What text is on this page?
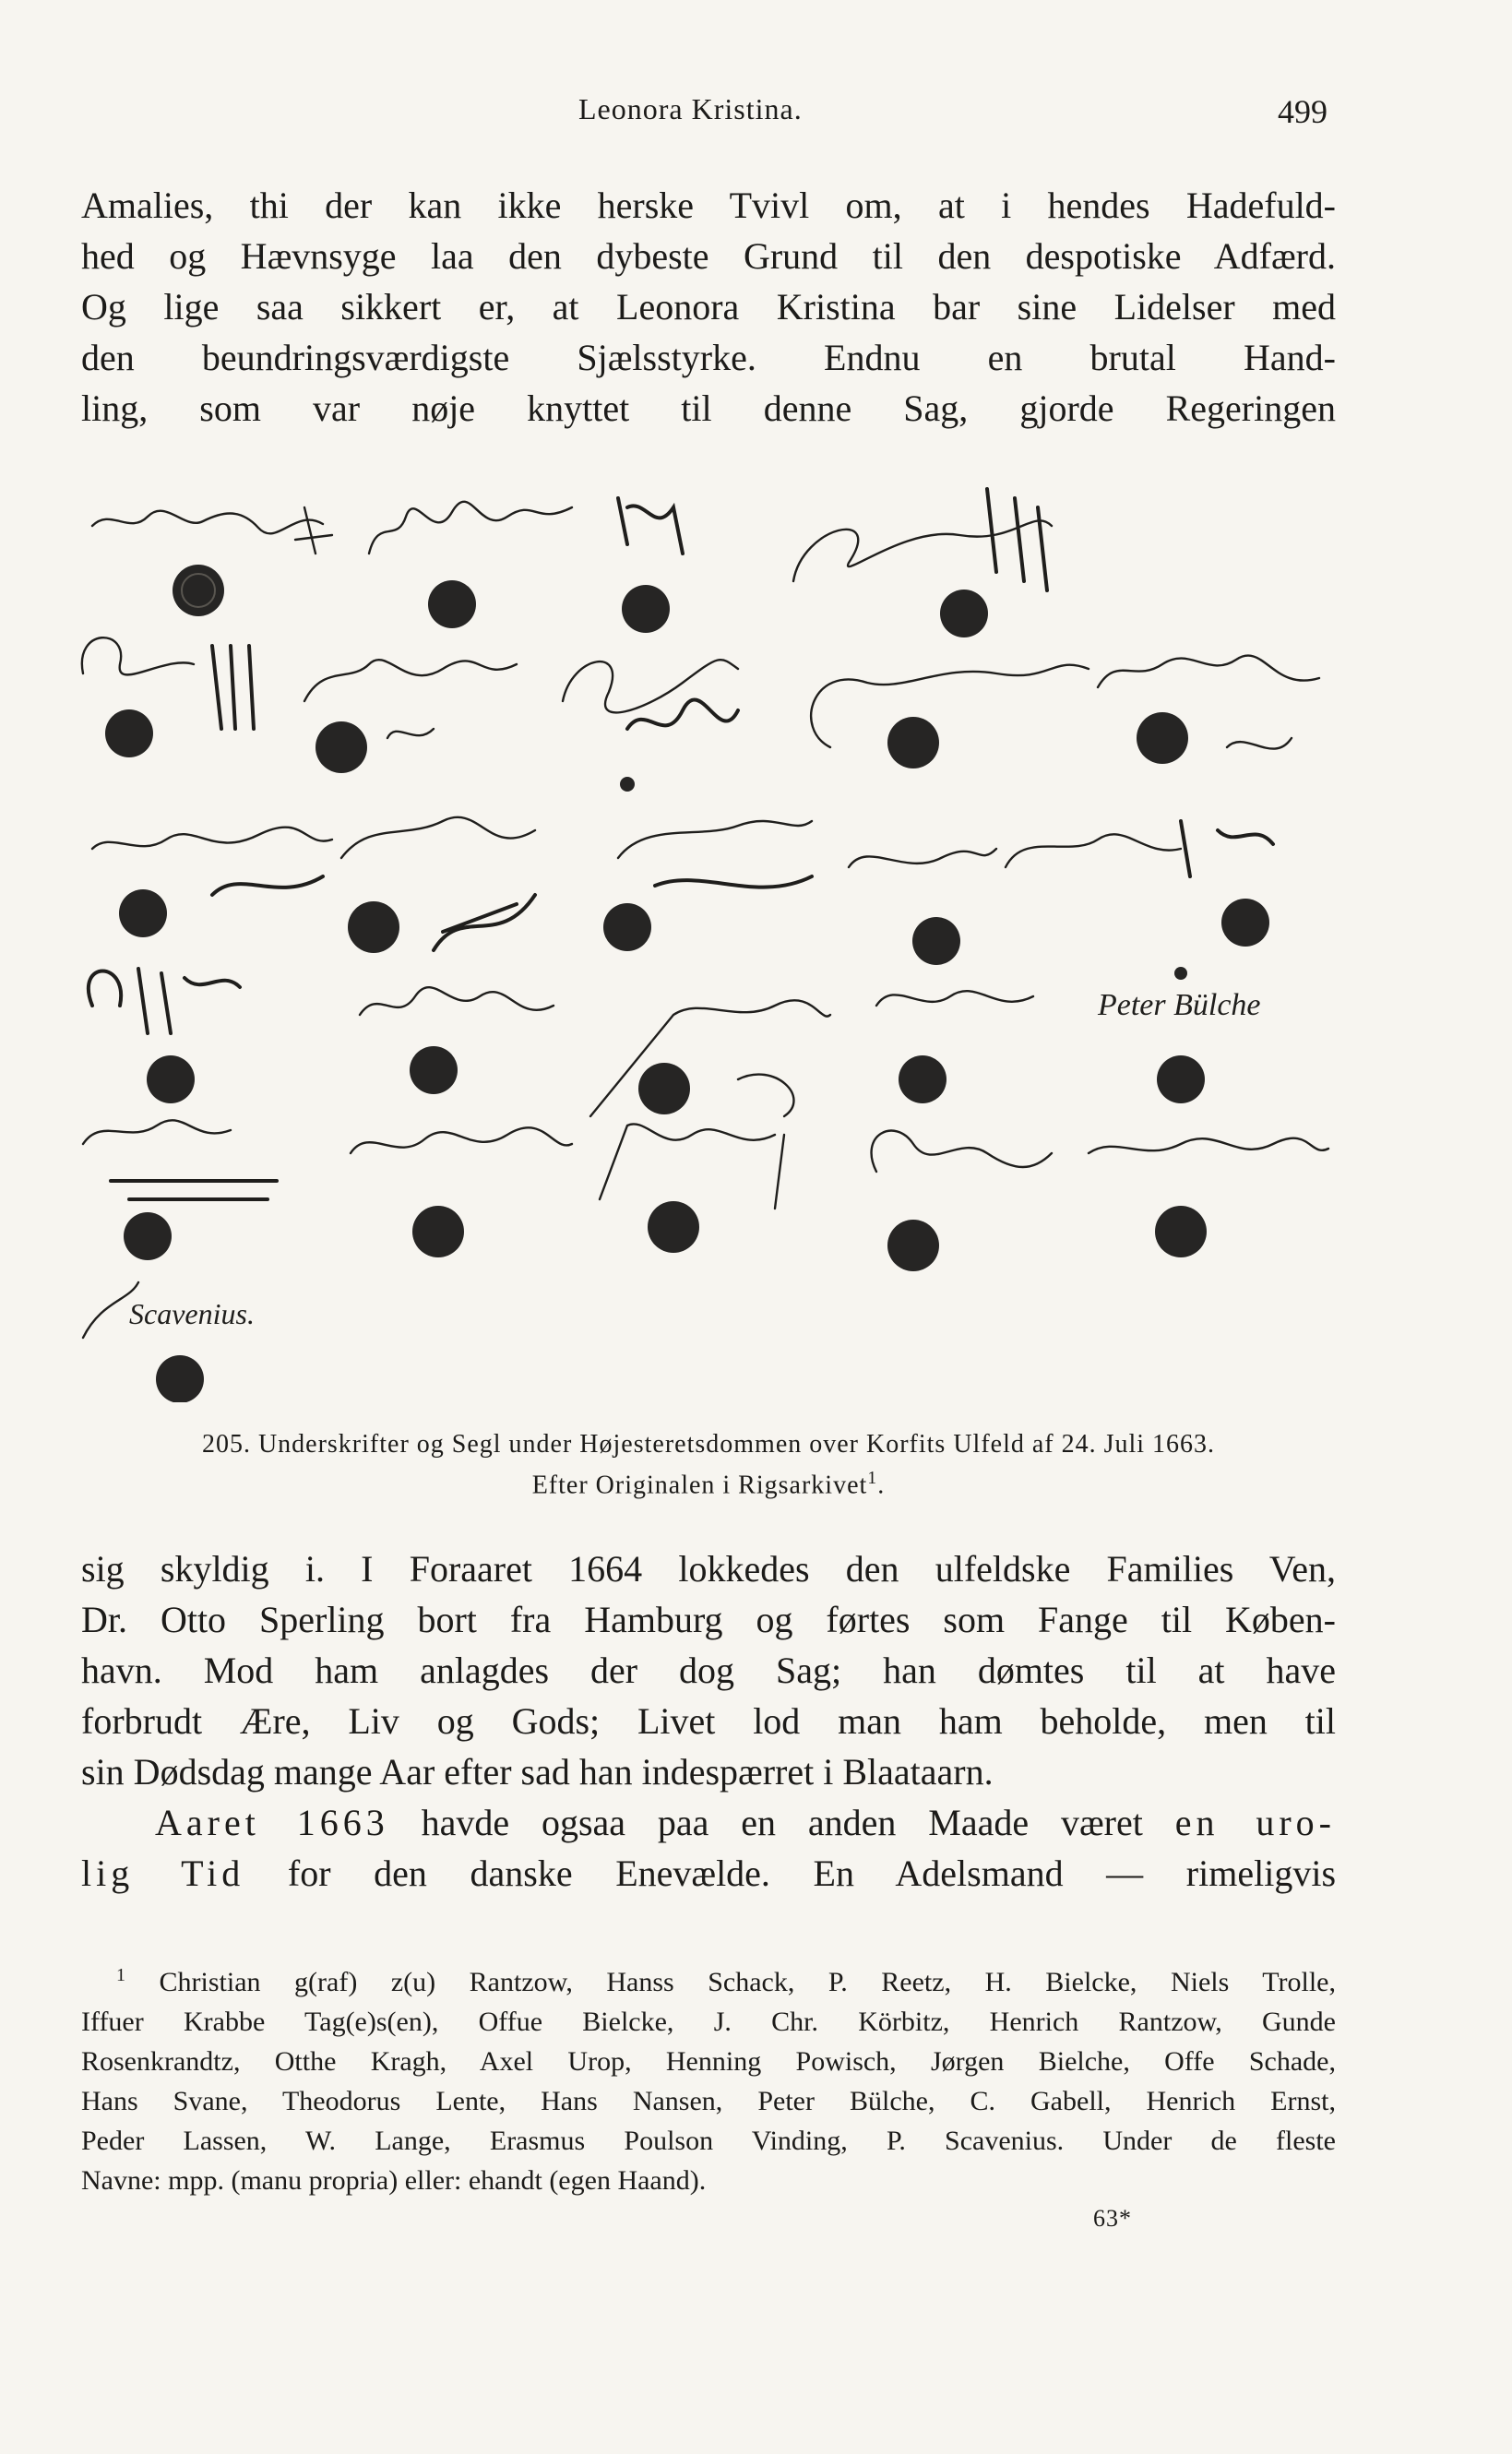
Leonora Kristina.	499
Amalies, thi der kan ikke herske Tvivl om, at i hendes Hadefuld-
hed og Hævnsyge laa den dybeste Grund til den despotiske Adfærd.
Og lige saa sikkert er, at Leonora Kristina bar sine Lidelser med
den beundringsværdigste Sjælsstyrke. Endnu en brutal Hand-
ling, som var nøje knyttet til denne Sag, gjorde Regeringen
Peter Bülche
Scavenius.
205. Underskrifter og Segl under Højesteretsdommen over Korfits Ulfeld af 24. Juli 1663.
Efter Originalen i Rigsarkivet$^1$.
sig skyldig i. I Foraaret 1664 lokkedes den ulfeldske Families Ven,
Dr. Otto Sperling bort fra Hamburg og førtes som Fange til Køben-
havn. Mod ham anlagdes der dog Sag; han dømtes til at have
forbrudt Ære, Liv og Gods; Livet lod man ham beholde, men til
sin Dødsdag mange Aar efter sad han indespærret i Blaataarn.
Aaret 1663 havde ogsaa paa en anden Maade været en uro-
lig Tid for den danske Enevælde. En Adelsmand — rimeligvis
$^1$ Christian g(raf) z(u) Rantzow, Hanss Schack, P. Reetz, H. Bielcke, Niels Trolle,
Iffuer Krabbe Tag(e)s(en), Offue Bielcke, J. Chr. Körbitz, Henrich Rantzow, Gunde
Rosenkrandtz, Otthe Kragh, Axel Urop, Henning Powisch, Jørgen Bielche, Offe Schade,
Hans Svane, Theodorus Lente, Hans Nansen, Peter Bülche, C. Gabell, Henrich Ernst,
Peder Lassen, W. Lange, Erasmus Poulson Vinding, P. Scavenius. Under de fleste
Navne: mpp. (manu propria) eller: ehandt (egen Haand).
63*
